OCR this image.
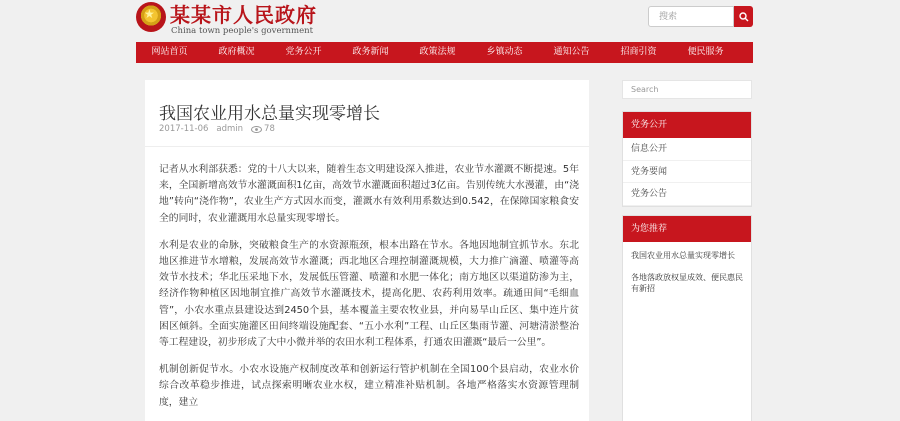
★
某某市人民政府
China town people's government
搜索
网站首页	政府概况	党务公开	政务新闻	政策法规	乡镇动态	通知公告	招商引资	便民服务
我国农业用水总量实现零增长
2017-11-06 admin 78

记者从水利部获悉：党的十八大以来，随着生态文明建设深入推进，农业节水灌溉不断提速。5年来，全国新增高效节水灌溉面积1亿亩，高效节水灌溉面积超过3亿亩。告别传统大水漫灌，由“浇地”转向“浇作物”，农业生产方式因水而变，灌溉水有效利用系数达到0.542，在保障国家粮食安全的同时，农业灌溉用水总量实现零增长。

水利是农业的命脉，突破粮食生产的水资源瓶颈，根本出路在节水。各地因地制宜抓节水。东北地区推进节水增粮，发展高效节水灌溉；西北地区合理控制灌溉规模，大力推广滴灌、喷灌等高效节水技术；华北压采地下水，发展低压管灌、喷灌和水肥一体化；南方地区以渠道防渗为主，经济作物种植区因地制宜推广高效节水灌溉技术，提高化肥、农药利用效率。疏通田间“毛细血管”，小农水重点县建设达到2450个县，基本覆盖主要农牧业县，并向易旱山丘区、集中连片贫困区倾斜。全面实施灌区田间终端设施配套、“五小水利”工程、山丘区集雨节灌、河塘清淤整治等工程建设，初步形成了大中小微并举的农田水利工程体系，打通农田灌溉“最后一公里”。

机制创新促节水。小农水设施产权制度改革和创新运行管护机制在全国100个县启动，农业水价综合改革稳步推进，试点探索明晰农业水权，建立精准补贴机制。各地严格落实水资源管理制度，建立

Search
党务公开
信息公开
党务要闻
党务公告
为您推荐
我国农业用水总量实现零增长
各地落政放权显成效、便民惠民有新招
